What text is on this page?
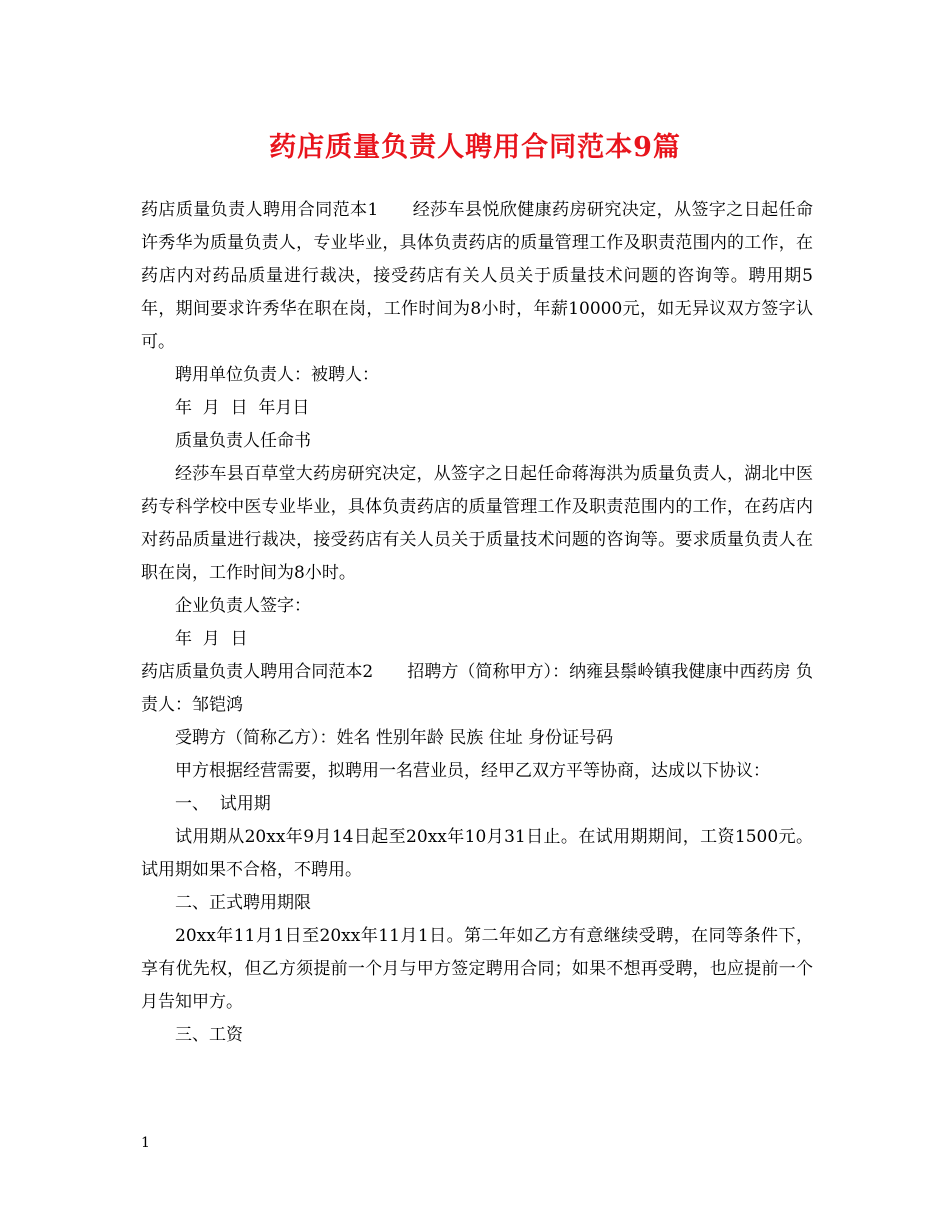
药店质量负责人聘用合同范本9篇

药店质量负责人聘用合同范本1 经莎车县悦欣健康药房研究决定，从签字之日起任命许秀华为质量负责人，专业毕业，具体负责药店的质量管理工作及职责范围内的工作，在药店内对药品质量进行裁决，接受药店有关人员关于质量技术问题的咨询等。聘用期5年，期间要求许秀华在职在岗，工作时间为8小时，年薪10000元，如无异议双方签字认可。

聘用单位负责人：被聘人：

年  月  日  年月日

质量负责人任命书

经莎车县百草堂大药房研究决定，从签字之日起任命蒋海洪为质量负责人，湖北中医药专科学校中医专业毕业，具体负责药店的质量管理工作及职责范围内的工作，在药店内对药品质量进行裁决，接受药店有关人员关于质量技术问题的咨询等。要求质量负责人在职在岗，工作时间为8小时。

企业负责人签字：

年  月  日

药店质量负责人聘用合同范本2 招聘方（简称甲方）：纳雍县鬃岭镇我健康中西药房 负责人：邹铠鸿

受聘方（简称乙方）：姓名 性别年龄 民族 住址 身份证号码

甲方根据经营需要，拟聘用一名营业员，经甲乙双方平等协商，达成以下协议：

一、  试用期

试用期从20xx年9月14日起至20xx年10月31日止。在试用期期间，工资1500元。试用期如果不合格，不聘用。

二、正式聘用期限

20xx年11月1日至20xx年11月1日。第二年如乙方有意继续受聘，在同等条件下，享有优先权，但乙方须提前一个月与甲方签定聘用合同；如果不想再受聘，也应提前一个月告知甲方。

三、工资

1
